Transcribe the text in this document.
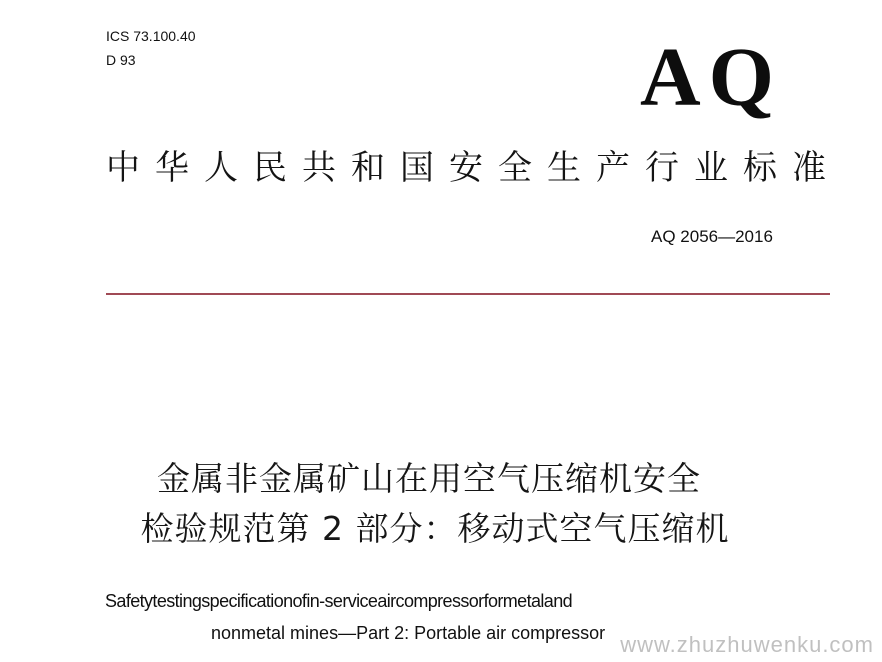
ICS 73.100.40
D 93	AQ
中华人民共和国安全生产行业标准
AQ 2056—2016
金属非金属矿山在用空气压缩机安全
检验规范第 2 部分：移动式空气压缩机
Safetytestingspecificationofin-serviceaircompressorformetaland
nonmetal mines—Part 2: Portable air compressor www.zhuzhuwenku.com
